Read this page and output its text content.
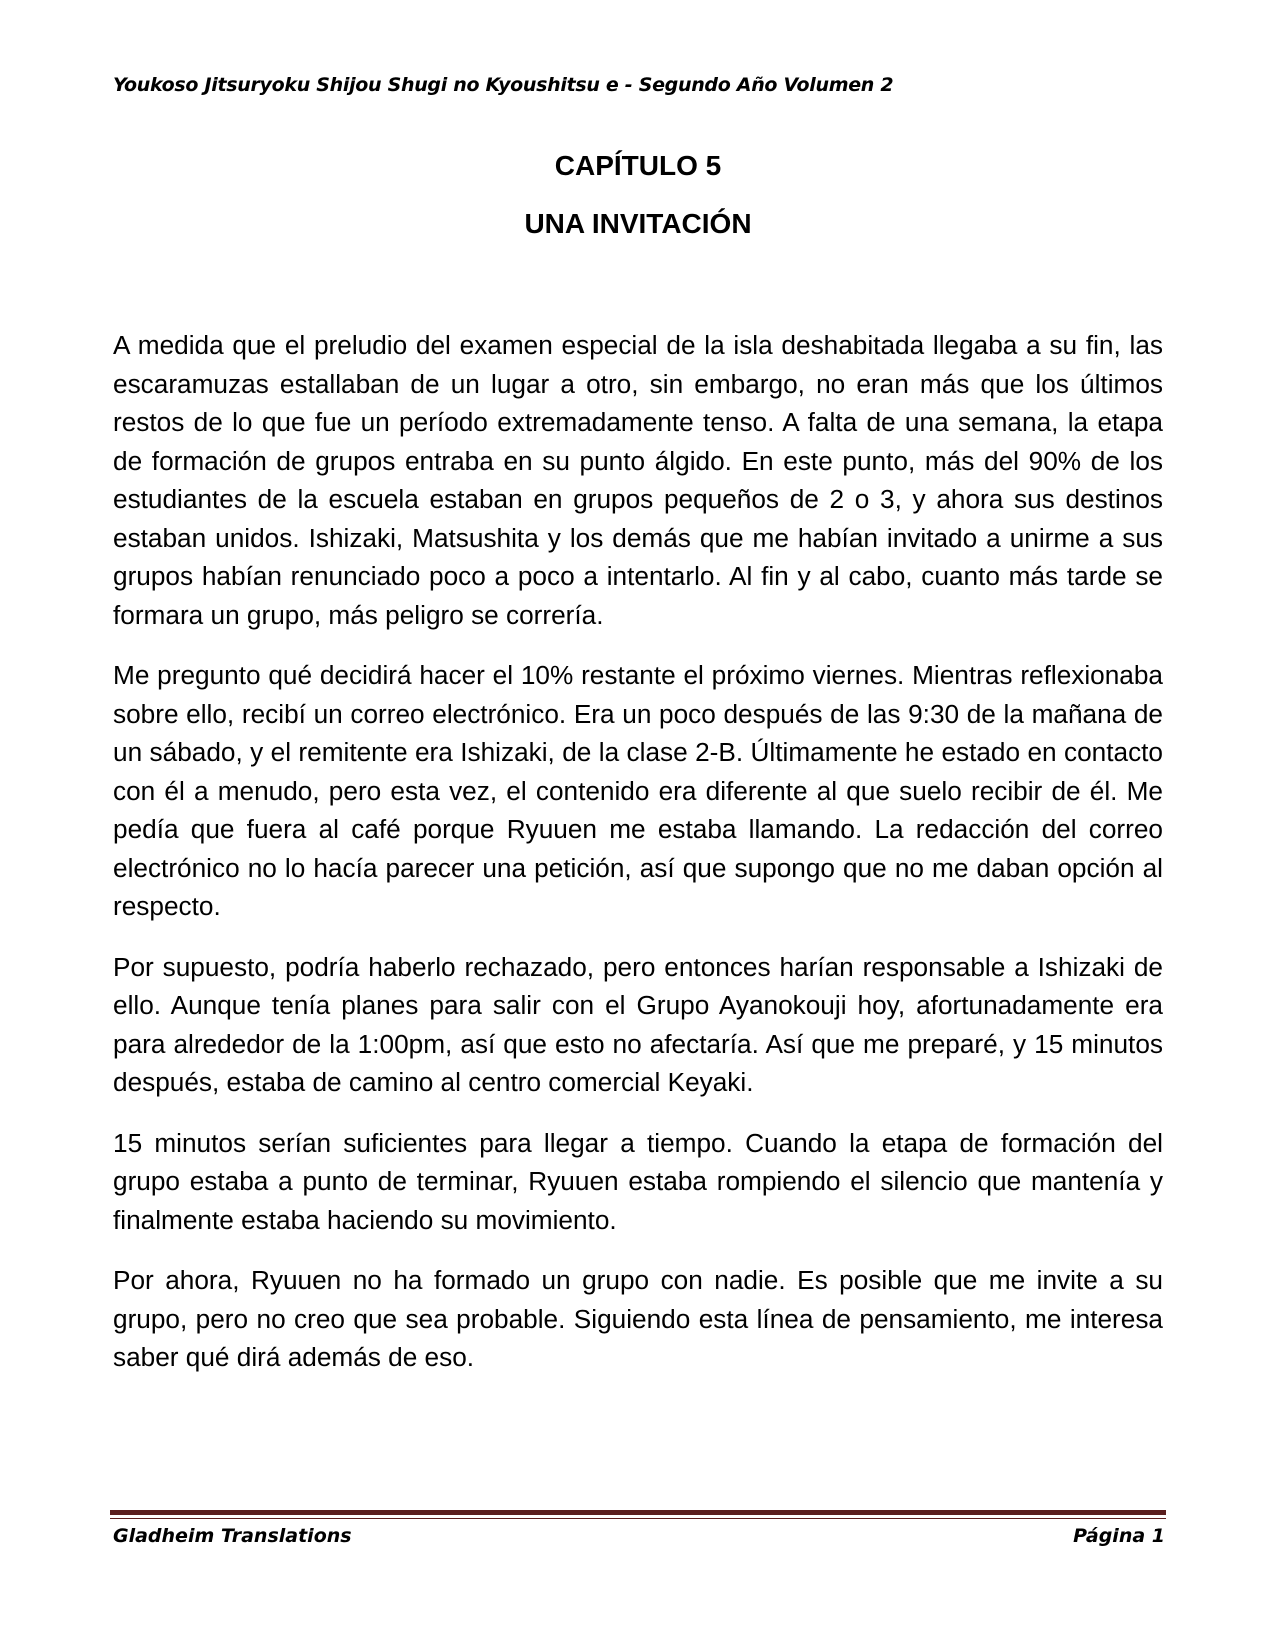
Youkoso Jitsuryoku Shijou Shugi no Kyoushitsu e - Segundo Año Volumen 2
CAPÍTULO 5
UNA INVITACIÓN

A medida que el preludio del examen especial de la isla deshabitada llegaba a su fin, las escaramuzas estallaban de un lugar a otro, sin embargo, no eran más que los últimos restos de lo que fue un período extremadamente tenso. A falta de una semana, la etapa de formación de grupos entraba en su punto álgido. En este punto, más del 90% de los estudiantes de la escuela estaban en grupos pequeños de 2 o 3, y ahora sus destinos estaban unidos. Ishizaki, Matsushita y los demás que me habían invitado a unirme a sus grupos habían renunciado poco a poco a intentarlo. Al fin y al cabo, cuanto más tarde se formara un grupo, más peligro se correría.

Me pregunto qué decidirá hacer el 10% restante el próximo viernes. Mientras reflexionaba sobre ello, recibí un correo electrónico. Era un poco después de las 9:30 de la mañana de un sábado, y el remitente era Ishizaki, de la clase 2-B. Últimamente he estado en contacto con él a menudo, pero esta vez, el contenido era diferente al que suelo recibir de él. Me pedía que fuera al café porque Ryuuen me estaba llamando. La redacción del correo electrónico no lo hacía parecer una petición, así que supongo que no me daban opción al respecto.

Por supuesto, podría haberlo rechazado, pero entonces harían responsable a Ishizaki de ello. Aunque tenía planes para salir con el Grupo Ayanokouji hoy, afortunadamente era para alrededor de la 1:00pm, así que esto no afectaría. Así que me preparé, y 15 minutos después, estaba de camino al centro comercial Keyaki.

15 minutos serían suficientes para llegar a tiempo. Cuando la etapa de formación del grupo estaba a punto de terminar, Ryuuen estaba rompiendo el silencio que mantenía y finalmente estaba haciendo su movimiento.

Por ahora, Ryuuen no ha formado un grupo con nadie. Es posible que me invite a su grupo, pero no creo que sea probable. Siguiendo esta línea de pensamiento, me interesa saber qué dirá además de eso.

Gladheim Translations	Página 1
